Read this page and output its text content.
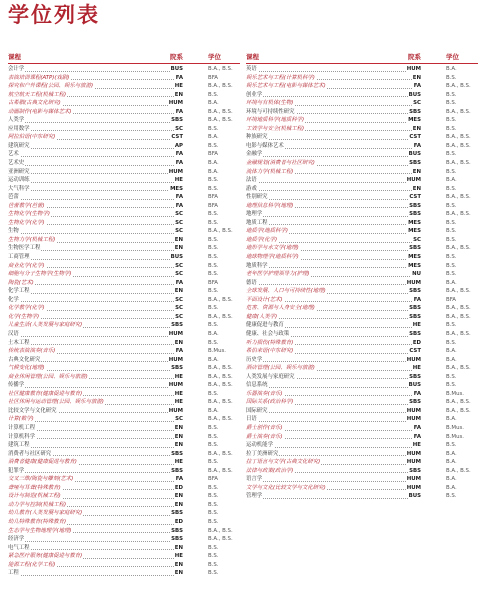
学位列表
课程	院系	学位
会计学	BUS	B.A., B.S.
表演培训课程(ATP)(戏剧)	FA	BFA
探究和户外课程(公园、娱乐与旅游)	HE	B.A., B.S.
航空航天工程(机械工程)	EN	B.S.
古希腊(古典文化研究)	HUM	B.A.
动画制作(电影与媒体艺术)	FA	B.A., B.S.
人类学	SBS	B.A., B.S.
应用数学	SC	B.S.
阿拉伯语(中东研究)	CST	B.A.
建筑研究	AP	B.S.
艺术	FA	BFA
艺术史	FA	B.A.
亚洲研究	HUM	B.A.
运动训练	HE	B.S.
大气科学	MES	B.S.
芭蕾	FA	BFA
芭蕾教学(芭蕾)	FA	BFA
生物化学(生物学)	SC	B.S.
生物化学(化学)	SC	B.S.
生物	SC	B.A., B.S.
生物力学(机械工程)	EN	B.S.
生物医学工程	EN	B.S.
工商管理	BUS	B.S.
商业化学(化学)	SC	B.S.
细胞与分子生物学(生物学)	SC	B.S.
陶瓷(艺术)	FA	BFA
化学工程	EN	B.S.
化学	SC	B.A., B.S.
化学教学(化学)	SC	B.S.
化学(生物学)	SC	B.A., B.S.
儿童生活(人类发展与家庭研究)	SBS	B.S.
汉语	HUM	B.A.
土木工程	EN	B.S.
传统表演演奏(音乐)	FA	B.Mus.
古典文化研究	HUM	B.A.
气候变化(地理)	SBS	B.A., B.S.
商业休闲管理(公园、娱乐与旅游)	HE	B.A., B.S.
传播学	HUM	B.A., B.S.
社区健康教育(健康促进与教育)	HE	B.S.
社区休闲与运动管理(公园、娱乐与旅游)	HE	B.A., B.S.
比较文学与文化研究	HUM	B.A.
计算(数学)	SC	B.A., B.S.
计算机工程	EN	B.S.
计算机科学	EN	B.S.
建筑工程	EN	B.S.
消费者与社区研究	SBS	B.A., B.S.
消费者健康(健康促进与教育)	HE	B.S.
犯罪学	SBS	B.A., B.S.
交叉三维/陶瓷与雕刻(艺术)	FA	BFA
聋哑与耳聋(特殊教育)	ED	B.S.
设计与制造(机械工程)	EN	B.S.
动力学与控制(机械工程)	EN	B.S.
幼儿教育(人类发展与家庭研究)	SBS	B.S.
幼儿特殊教育(特殊教育)	ED	B.S.
生态学与生物地理学(地理)	SBS	B.A., B.S.
经济学	SBS	B.A., B.S.
电气工程	EN	B.S.
紧急医疗服务(健康促进与教育)	HE	B.S.
能源工程(化学工程)	EN	B.S.
工程	EN	B.S.
课程	院系	学位
英语	HUM	B.A.
娱乐艺术与工程(计算机科学)	EN	B.S.
娱乐艺术与工程(电影与媒体艺术)	FA	B.A., B.S.
创业学	BUS	B.S.
环境与有机体(生物)	SC	B.S.
环境与可持续性研究	SBS	B.A., B.S.
环境地质科学(地质科学)	MES	B.S.
工效学与安全(机械工程)	EN	B.S.
种族研究	CST	B.A., B.S.
电影与媒体艺术	FA	B.A., B.S.
金融学	BUS	B.S.
金融规划(消费者与社区研究)	SBS	B.A., B.S.
流体力学(机械工程)	EN	B.S.
法语	HUM	B.A.
游戏	EN	B.S.
性别研究	CST	B.A., B.S.
地理信息科学(地理)	SBS	B.S.
地理学	SBS	B.A., B.S.
地质工程	MES	B.S.
地质学(地质科学)	MES	B.S.
地质学(化学)	SC	B.S.
地形学与水文学(地理)	SBS	B.A., B.S.
地球物理学(地质科学)	MES	B.S.
地质科学	MES	B.S.
老年医学护理领导力(护理)	NU	B.S.
德语	HUM	B.A.
全球发展、人口与可持续性(地理)	SBS	B.A., B.S.
平面设计(艺术)	FA	BFA
危害、资源与人身安全(地理)	SBS	B.A., B.S.
健康(人类学)	SBS	B.A., B.S.
健康促进与教育	HE	B.S.
健康、社会与政策	SBS	B.A., B.S.
听力损伤(特殊教育)	ED	B.S.
希伯来语(中东研究)	CST	B.A.
历史学	HUM	B.A.
酒店管理(公园、娱乐与旅游)	HE	B.A., B.S.
人类发展与家庭研究	SBS	B.S.
信息系统	BUS	B.S.
乐器演奏(音乐)	FA	B.Mus.
国际关系(政治科学)	SBS	B.A., B.S.
国际研究	HUM	B.A., B.S.
日语	HUM	B.A.
爵士创作(音乐)	FA	B.Mus.
爵士演奏(音乐)	FA	B.Mus.
运动机能学	HE	B.S.
拉丁美洲研究	HUM	B.A.
拉丁语言与文学(古典文化研究)	HUM	B.A.
法律与政策(政治学)	SBS	B.A., B.S.
语言学	HUM	B.A.
文学与文化(比较文学与文化研究)	HUM	B.A.
管理学	BUS	B.S.
